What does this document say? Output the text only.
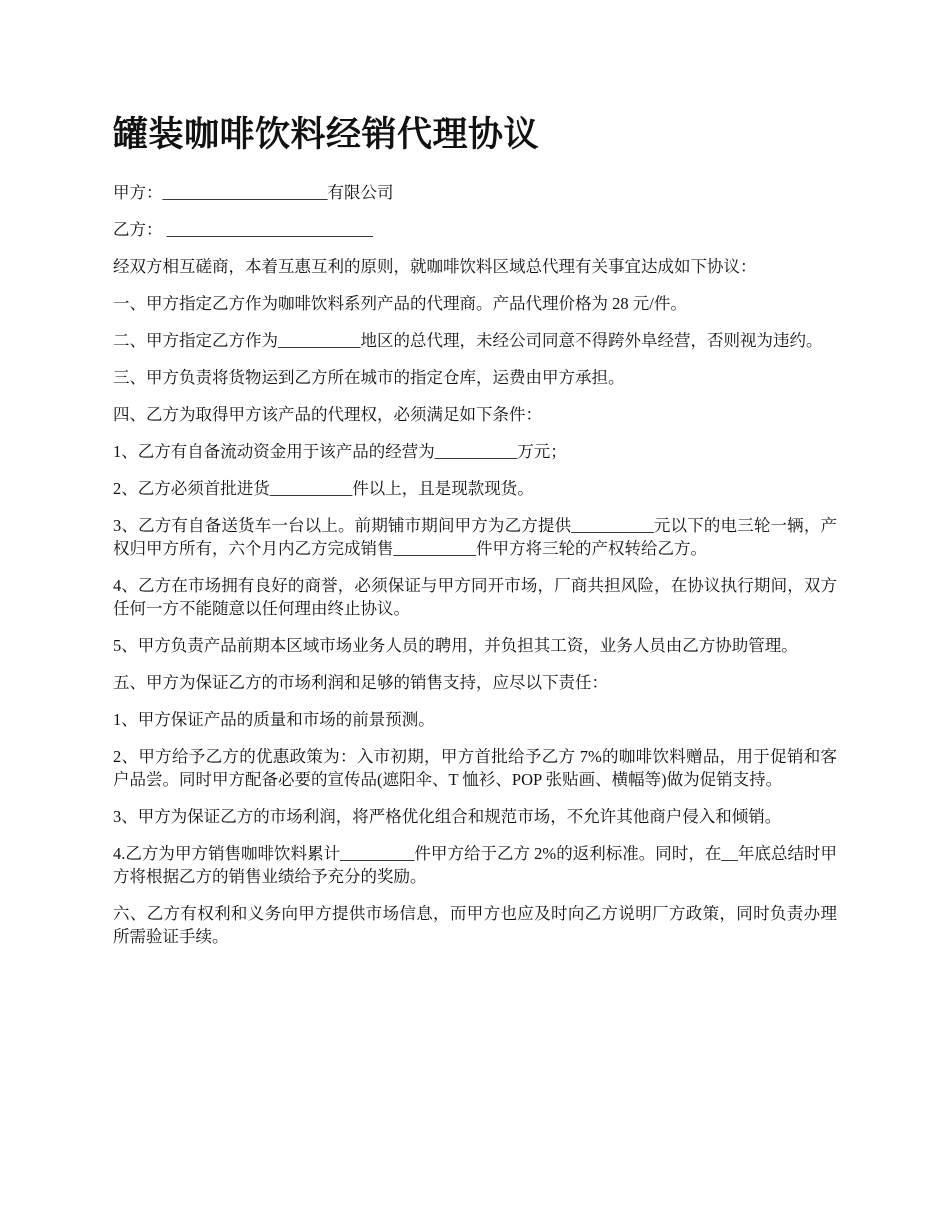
罐装咖啡饮料经销代理协议

甲方：____________________有限公司

乙方： _________________________

经双方相互磋商，本着互惠互利的原则，就咖啡饮料区域总代理有关事宜达成如下协议：

一、甲方指定乙方作为咖啡饮料系列产品的代理商。产品代理价格为 28 元/件。

二、甲方指定乙方作为__________地区的总代理，未经公司同意不得跨外阜经营，否则视为违约。

三、甲方负责将货物运到乙方所在城市的指定仓库，运费由甲方承担。

四、乙方为取得甲方该产品的代理权，必须满足如下条件：

1、乙方有自备流动资金用于该产品的经营为__________万元；

2、乙方必须首批进货__________件以上，且是现款现货。

3、乙方有自备送货车一台以上。前期铺市期间甲方为乙方提供__________元以下的电三轮一辆，产权归甲方所有，六个月内乙方完成销售__________件甲方将三轮的产权转给乙方。

4、乙方在市场拥有良好的商誉，必须保证与甲方同开市场，厂商共担风险，在协议执行期间，双方任何一方不能随意以任何理由终止协议。

5、甲方负责产品前期本区域市场业务人员的聘用，并负担其工资，业务人员由乙方协助管理。

五、甲方为保证乙方的市场利润和足够的销售支持，应尽以下责任：

1、甲方保证产品的质量和市场的前景预测。

2、甲方给予乙方的优惠政策为：入市初期，甲方首批给予乙方 7%的咖啡饮料赠品，用于促销和客户品尝。同时甲方配备必要的宣传品(遮阳伞、T 恤衫、POP 张贴画、横幅等)做为促销支持。

3、甲方为保证乙方的市场利润，将严格优化组合和规范市场，不允许其他商户侵入和倾销。

4.乙方为甲方销售咖啡饮料累计_________件甲方给于乙方 2%的返利标准。同时，在__年底总结时甲方将根据乙方的销售业绩给予充分的奖励。

六、乙方有权利和义务向甲方提供市场信息，而甲方也应及时向乙方说明厂方政策，同时负责办理所需验证手续。
